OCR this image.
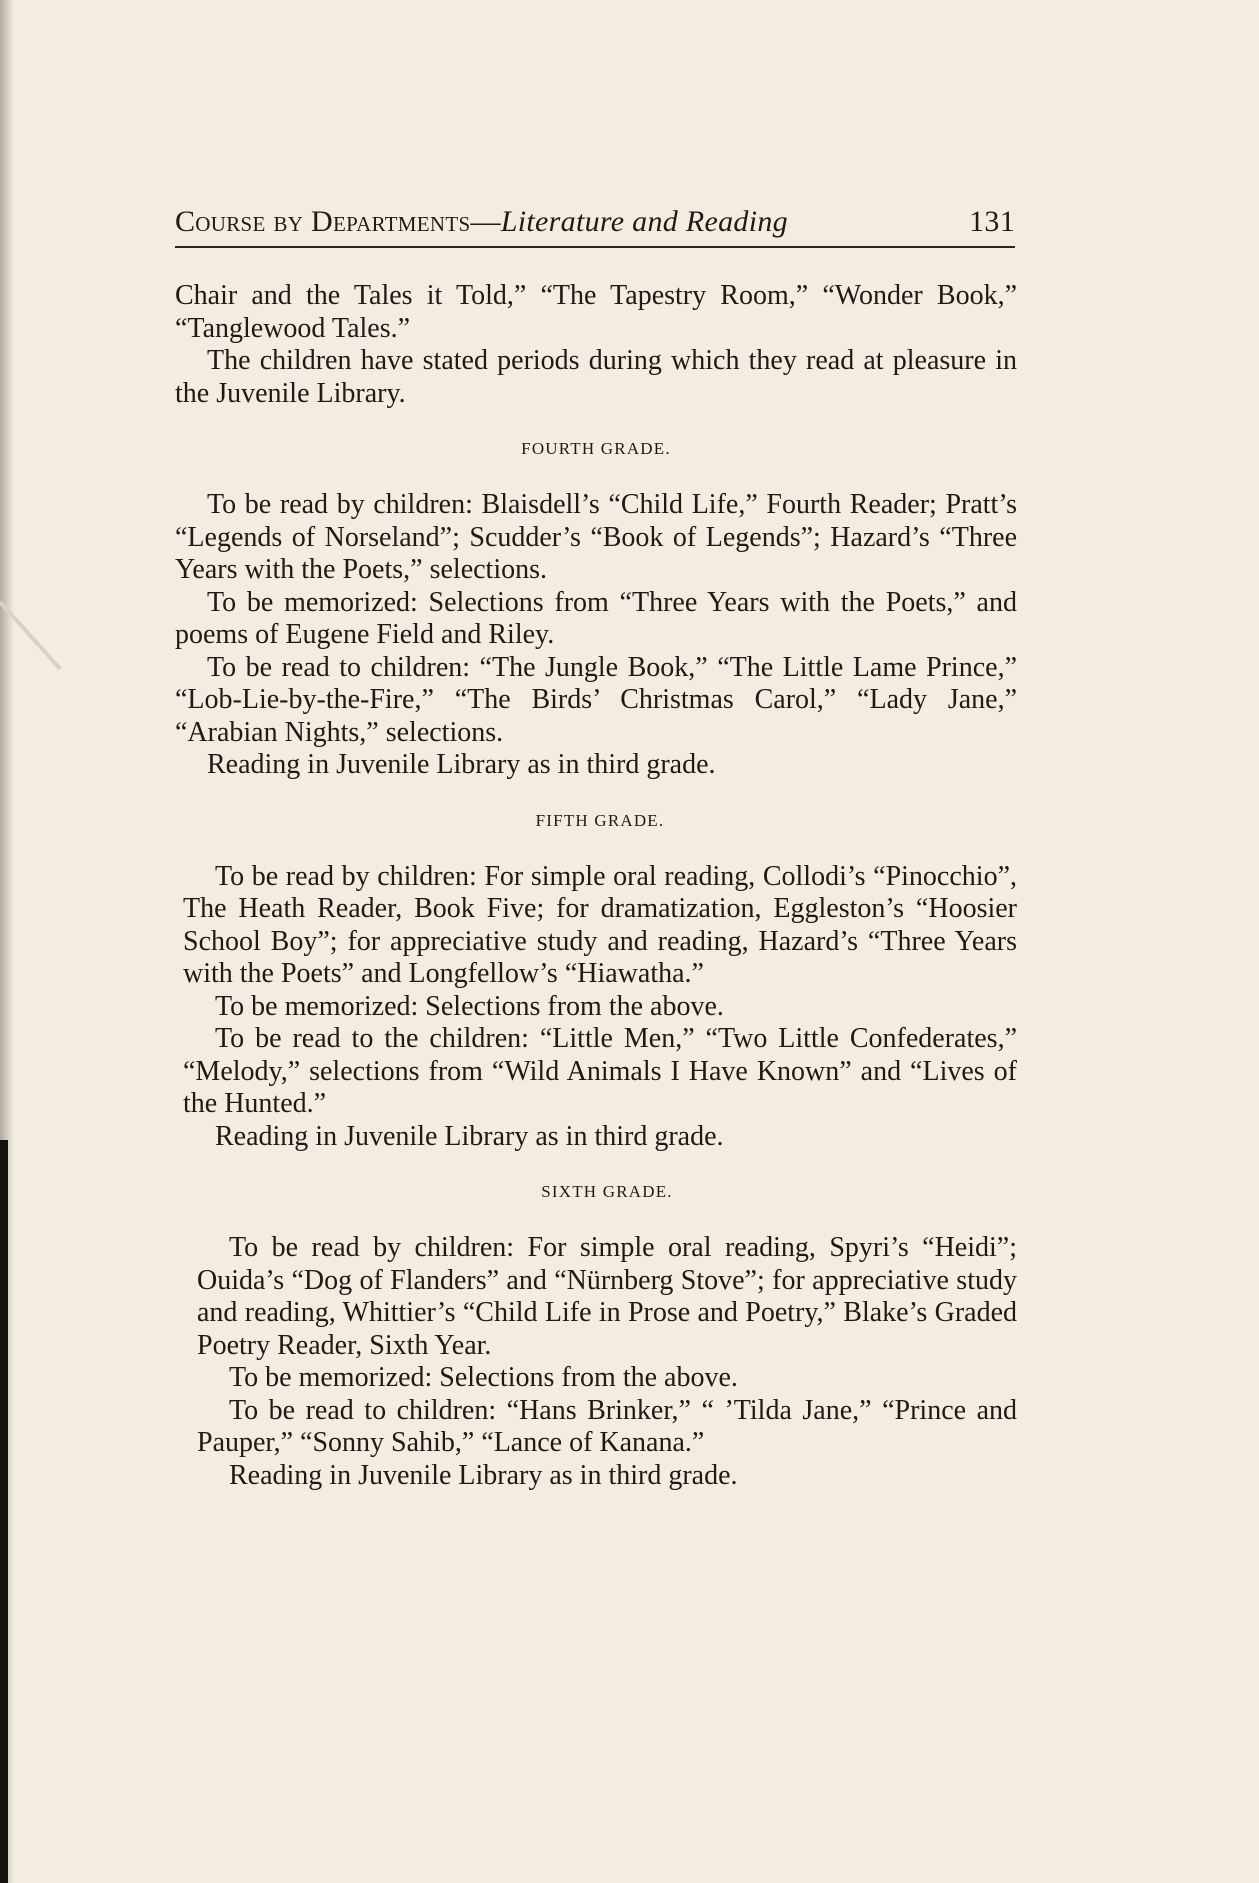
Course by Departments—Literature and Reading	131

Chair and the Tales it Told,” “The Tapestry Room,” “Wonder Book,” “Tanglewood Tales.”

The children have stated periods during which they read at pleasure in the Juvenile Library.

FOURTH GRADE.

To be read by children: Blaisdell’s “Child Life,” Fourth Reader; Pratt’s “Legends of Norseland”; Scudder’s “Book of Legends”; Hazard’s “Three Years with the Poets,” selections.

To be memorized: Selections from “Three Years with the Poets,” and poems of Eugene Field and Riley.

To be read to children: “The Jungle Book,” “The Little Lame Prince,” “Lob-Lie-by-the-Fire,” “The Birds’ Christmas Carol,” “Lady Jane,” “Arabian Nights,” selections.

Reading in Juvenile Library as in third grade.

FIFTH GRADE.

To be read by children: For simple oral reading, Collodi’s “Pinocchio”, The Heath Reader, Book Five; for dramatization, Eggleston’s “Hoosier School Boy”; for appreciative study and reading, Hazard’s “Three Years with the Poets” and Longfellow’s “Hiawatha.”

To be memorized: Selections from the above.

To be read to the children: “Little Men,” “Two Little Confederates,” “Melody,” selections from “Wild Animals I Have Known” and “Lives of the Hunted.”

Reading in Juvenile Library as in third grade.

SIXTH GRADE.

To be read by children: For simple oral reading, Spyri’s “Heidi”; Ouida’s “Dog of Flanders” and “Nürnberg Stove”; for appreciative study and reading, Whittier’s “Child Life in Prose and Poetry,” Blake’s Graded Poetry Reader, Sixth Year.

To be memorized: Selections from the above.

To be read to children: “Hans Brinker,” “ ’Tilda Jane,” “Prince and Pauper,” “Sonny Sahib,” “Lance of Kanana.”

Reading in Juvenile Library as in third grade.
